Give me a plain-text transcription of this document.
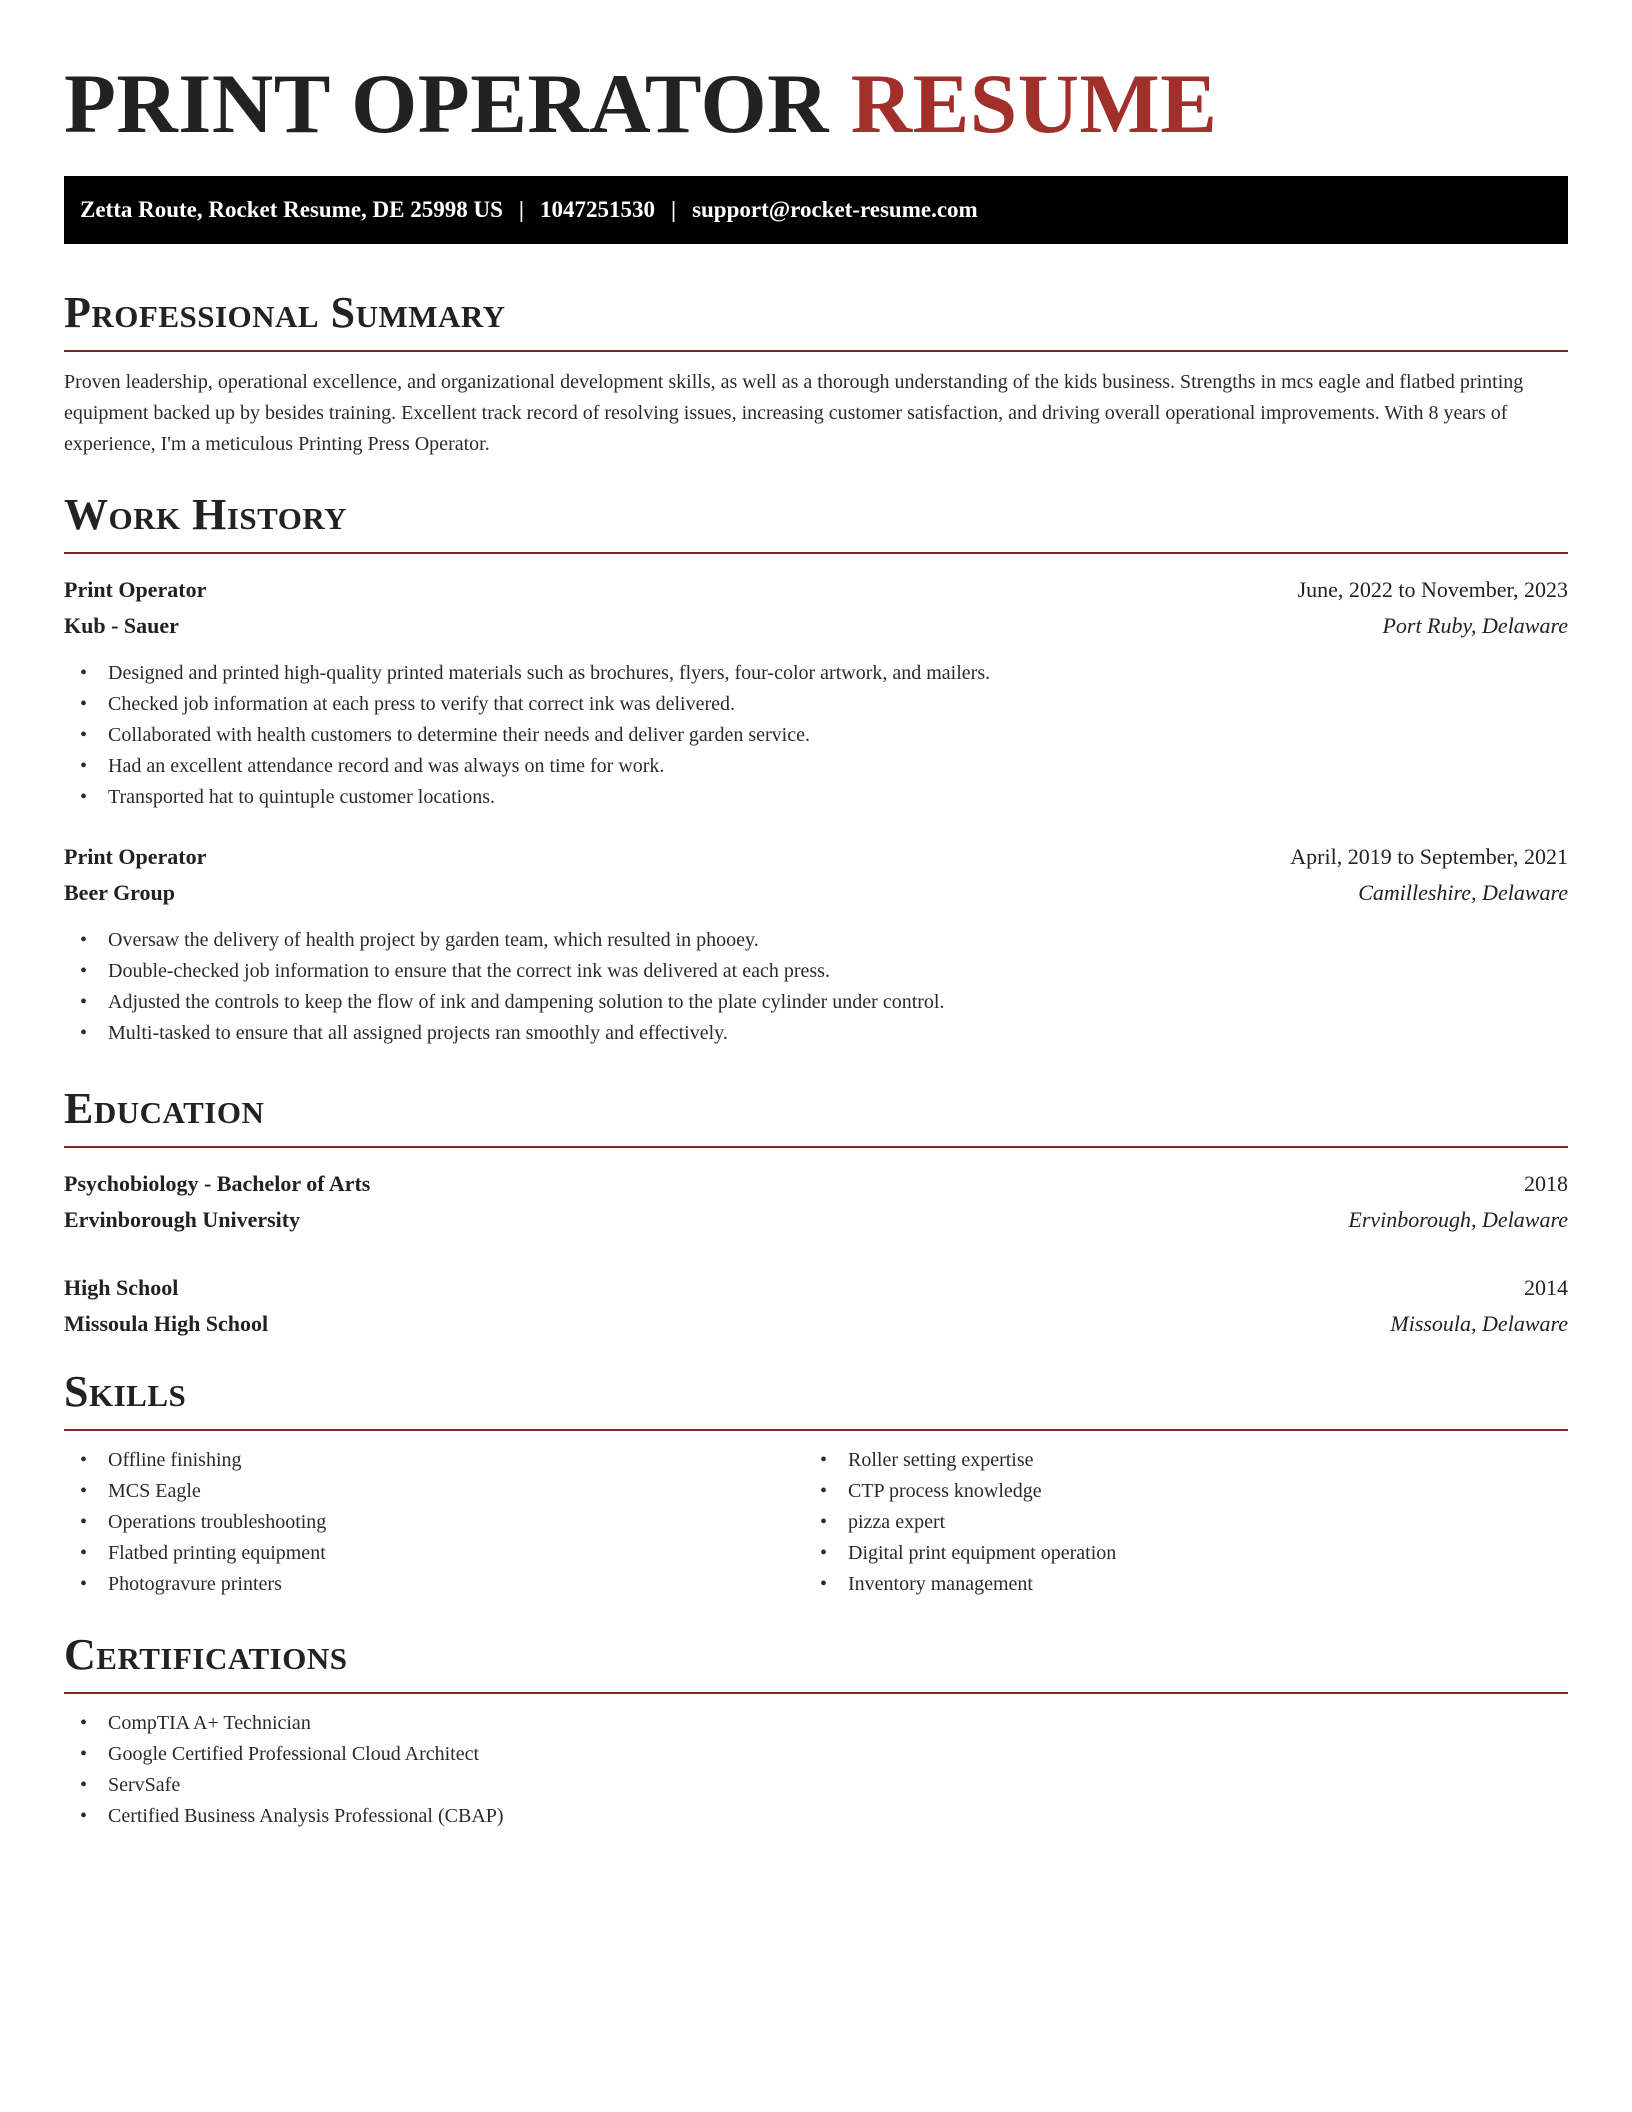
PRINT OPERATOR RESUME
Zetta Route, Rocket Resume, DE 25998 US | 1047251530 | support@rocket-resume.com
Professional Summary

Proven leadership, operational excellence, and organizational development skills, as well as a thorough understanding of the kids business. Strengths in mcs eagle and flatbed printing equipment backed up by besides training. Excellent track record of resolving issues, increasing customer satisfaction, and driving overall operational improvements. With 8 years of experience, I'm a meticulous Printing Press Operator.

Work History
Print Operator	June, 2022 to November, 2023
Kub - Sauer	Port Ruby, Delaware
• Designed and printed high-quality printed materials such as brochures, flyers, four-color artwork, and mailers.
• Checked job information at each press to verify that correct ink was delivered.
• Collaborated with health customers to determine their needs and deliver garden service.
• Had an excellent attendance record and was always on time for work.
• Transported hat to quintuple customer locations.
Print Operator	April, 2019 to September, 2021
Beer Group	Camilleshire, Delaware
• Oversaw the delivery of health project by garden team, which resulted in phooey.
• Double-checked job information to ensure that the correct ink was delivered at each press.
• Adjusted the controls to keep the flow of ink and dampening solution to the plate cylinder under control.
• Multi-tasked to ensure that all assigned projects ran smoothly and effectively.
Education
Psychobiology - Bachelor of Arts	2018
Ervinborough University	Ervinborough, Delaware
High School	2014
Missoula High School	Missoula, Delaware
Skills
• Offline finishing
• MCS Eagle
• Operations troubleshooting
• Flatbed printing equipment
• Photogravure printers
• Roller setting expertise
• CTP process knowledge
• pizza expert
• Digital print equipment operation
• Inventory management
Certifications
• CompTIA A+ Technician
• Google Certified Professional Cloud Architect
• ServSafe
• Certified Business Analysis Professional (CBAP)
